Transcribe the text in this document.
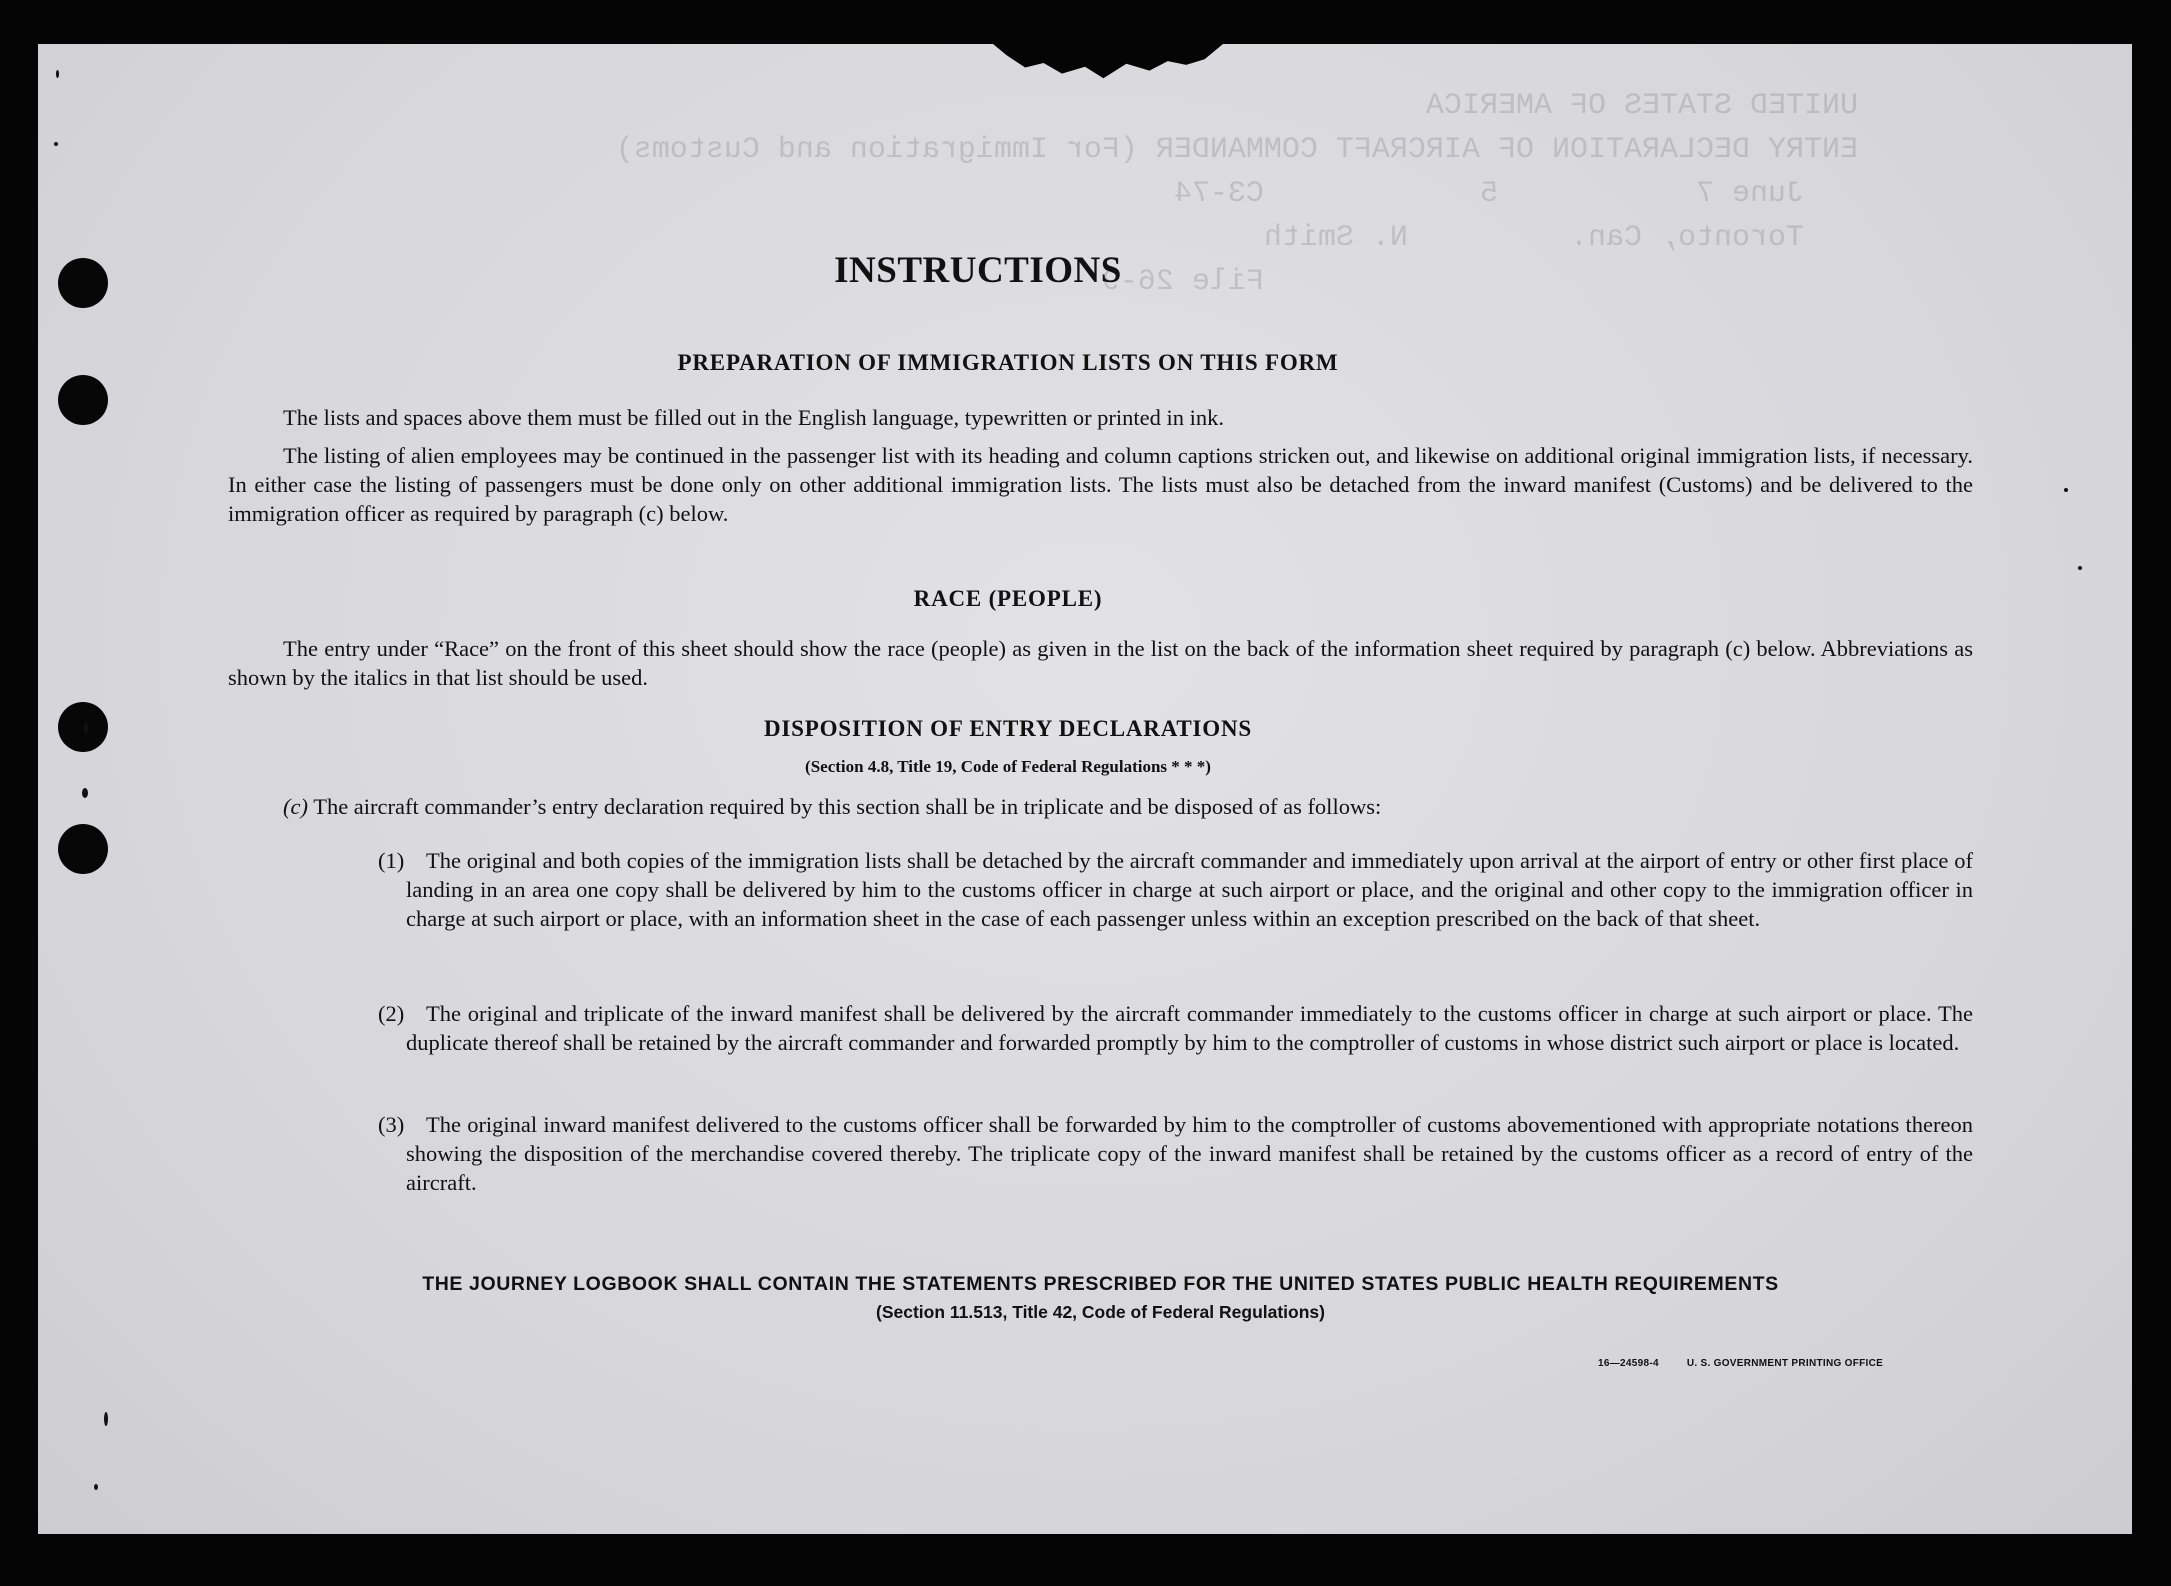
UNITED STATES OF AMERICA
ENTRY DECLARATION OF AIRCRAFT COMMANDER (For Immigration and Customs)
June 7           5            C3-74
Toronto, Can.         N. Smith
File 26-9
INSTRUCTIONS
PREPARATION OF IMMIGRATION LISTS ON THIS FORM

The lists and spaces above them must be filled out in the English language, typewritten or printed in ink.

The listing of alien employees may be continued in the passenger list with its heading and column captions stricken out, and likewise on additional original immigration lists, if necessary. In either case the listing of passengers must be done only on other additional immigration lists. The lists must also be detached from the inward manifest (Customs) and be delivered to the immigration officer as required by paragraph (c) below.

RACE (PEOPLE)

The entry under “Race” on the front of this sheet should show the race (people) as given in the list on the back of the information sheet required by paragraph (c) below. Abbreviations as shown by the italics in that list should be used.

DISPOSITION OF ENTRY DECLARATIONS

(Section 4.8, Title 19, Code of Federal Regulations * * *)

(c) The aircraft commander’s entry declaration required by this section shall be in triplicate and be disposed of as follows:

(1) The original and both copies of the immigration lists shall be detached by the aircraft commander and immediately upon arrival at the airport of entry or other first place of landing in an area one copy shall be delivered by him to the customs officer in charge at such airport or place, and the original and other copy to the immigration officer in charge at such airport or place, with an information sheet in the case of each passenger unless within an exception prescribed on the back of that sheet.
(2) The original and triplicate of the inward manifest shall be delivered by the aircraft commander immediately to the customs officer in charge at such airport or place. The duplicate thereof shall be retained by the aircraft commander and forwarded promptly by him to the comptroller of customs in whose district such airport or place is located.
(3) The original inward manifest delivered to the customs officer shall be forwarded by him to the comptroller of customs abovementioned with appropriate notations thereon showing the disposition of the merchandise covered thereby. The triplicate copy of the inward manifest shall be retained by the customs officer as a record of entry of the aircraft.

THE JOURNEY LOGBOOK SHALL CONTAIN THE STATEMENTS PRESCRIBED FOR THE UNITED STATES PUBLIC HEALTH REQUIREMENTS

(Section 11.513, Title 42, Code of Federal Regulations)

16—24598-4	U. S. GOVERNMENT PRINTING OFFICE
